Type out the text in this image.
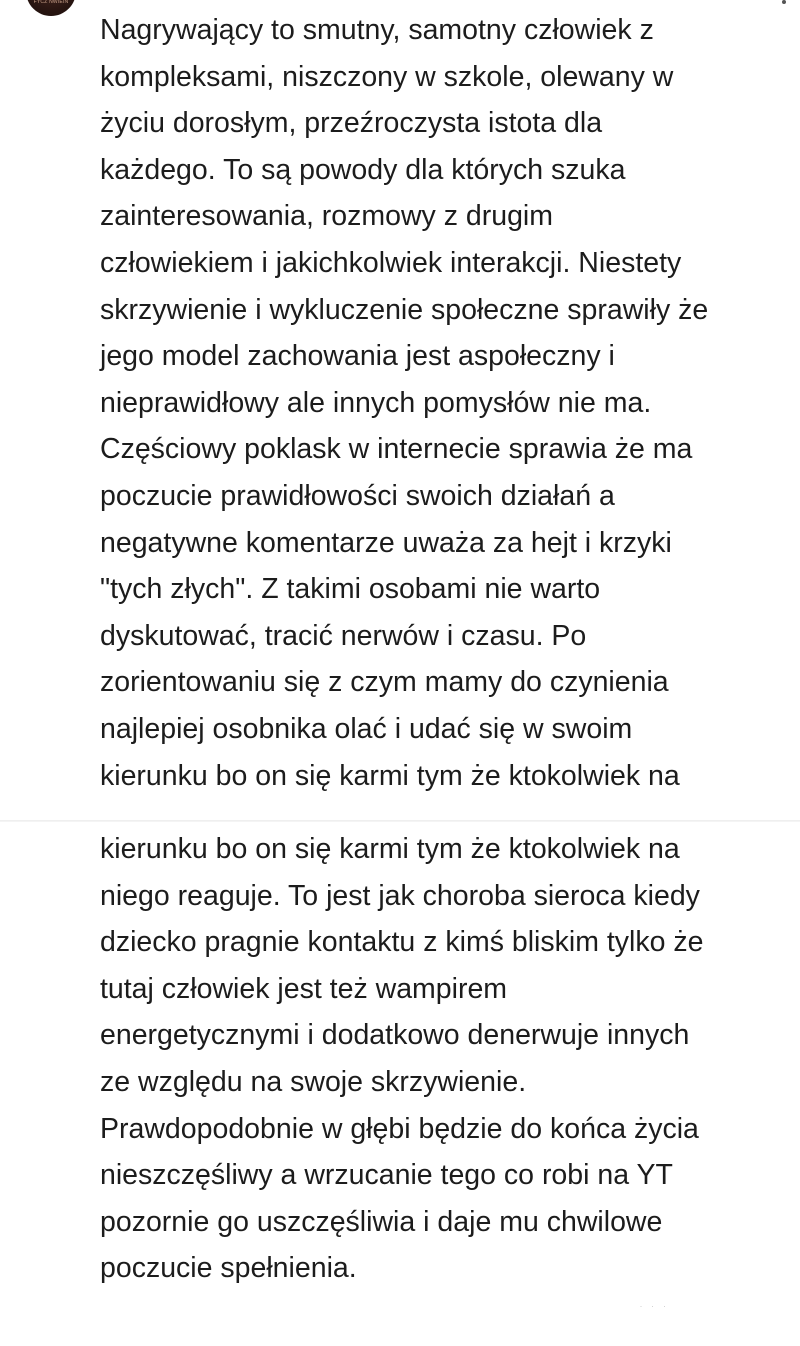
FYCZ NWIEIN
Nagrywający to smutny, samotny człowiek z
kompleksami, niszczony w szkole, olewany w
życiu dorosłym, przeźroczysta istota dla
każdego. To są powody dla których szuka
zainteresowania, rozmowy z drugim
człowiekiem i jakichkolwiek interakcji. Niestety
skrzywienie i wykluczenie społeczne sprawiły że
jego model zachowania jest aspołeczny i
nieprawidłowy ale innych pomysłów nie ma.
Częściowy poklask w internecie sprawia że ma
poczucie prawidłowości swoich działań a
negatywne komentarze uważa za hejt i krzyki
"tych złych". Z takimi osobami nie warto
dyskutować, tracić nerwów i czasu. Po
zorientowaniu się z czym mamy do czynienia
najlepiej osobnika olać i udać się w swoim
kierunku bo on się karmi tym że ktokolwiek na
kierunku bo on się karmi tym że ktokolwiek na
niego reaguje. To jest jak choroba sieroca kiedy
dziecko pragnie kontaktu z kimś bliskim tylko że
tutaj człowiek jest też wampirem
energetycznymi i dodatkowo denerwuje innych
ze względu na swoje skrzywienie.
Prawdopodobnie w głębi będzie do końca życia
nieszczęśliwy a wrzucanie tego co robi na YT
pozornie go uszczęśliwia i daje mu chwilowe
poczucie spełnienia.
· · ·
